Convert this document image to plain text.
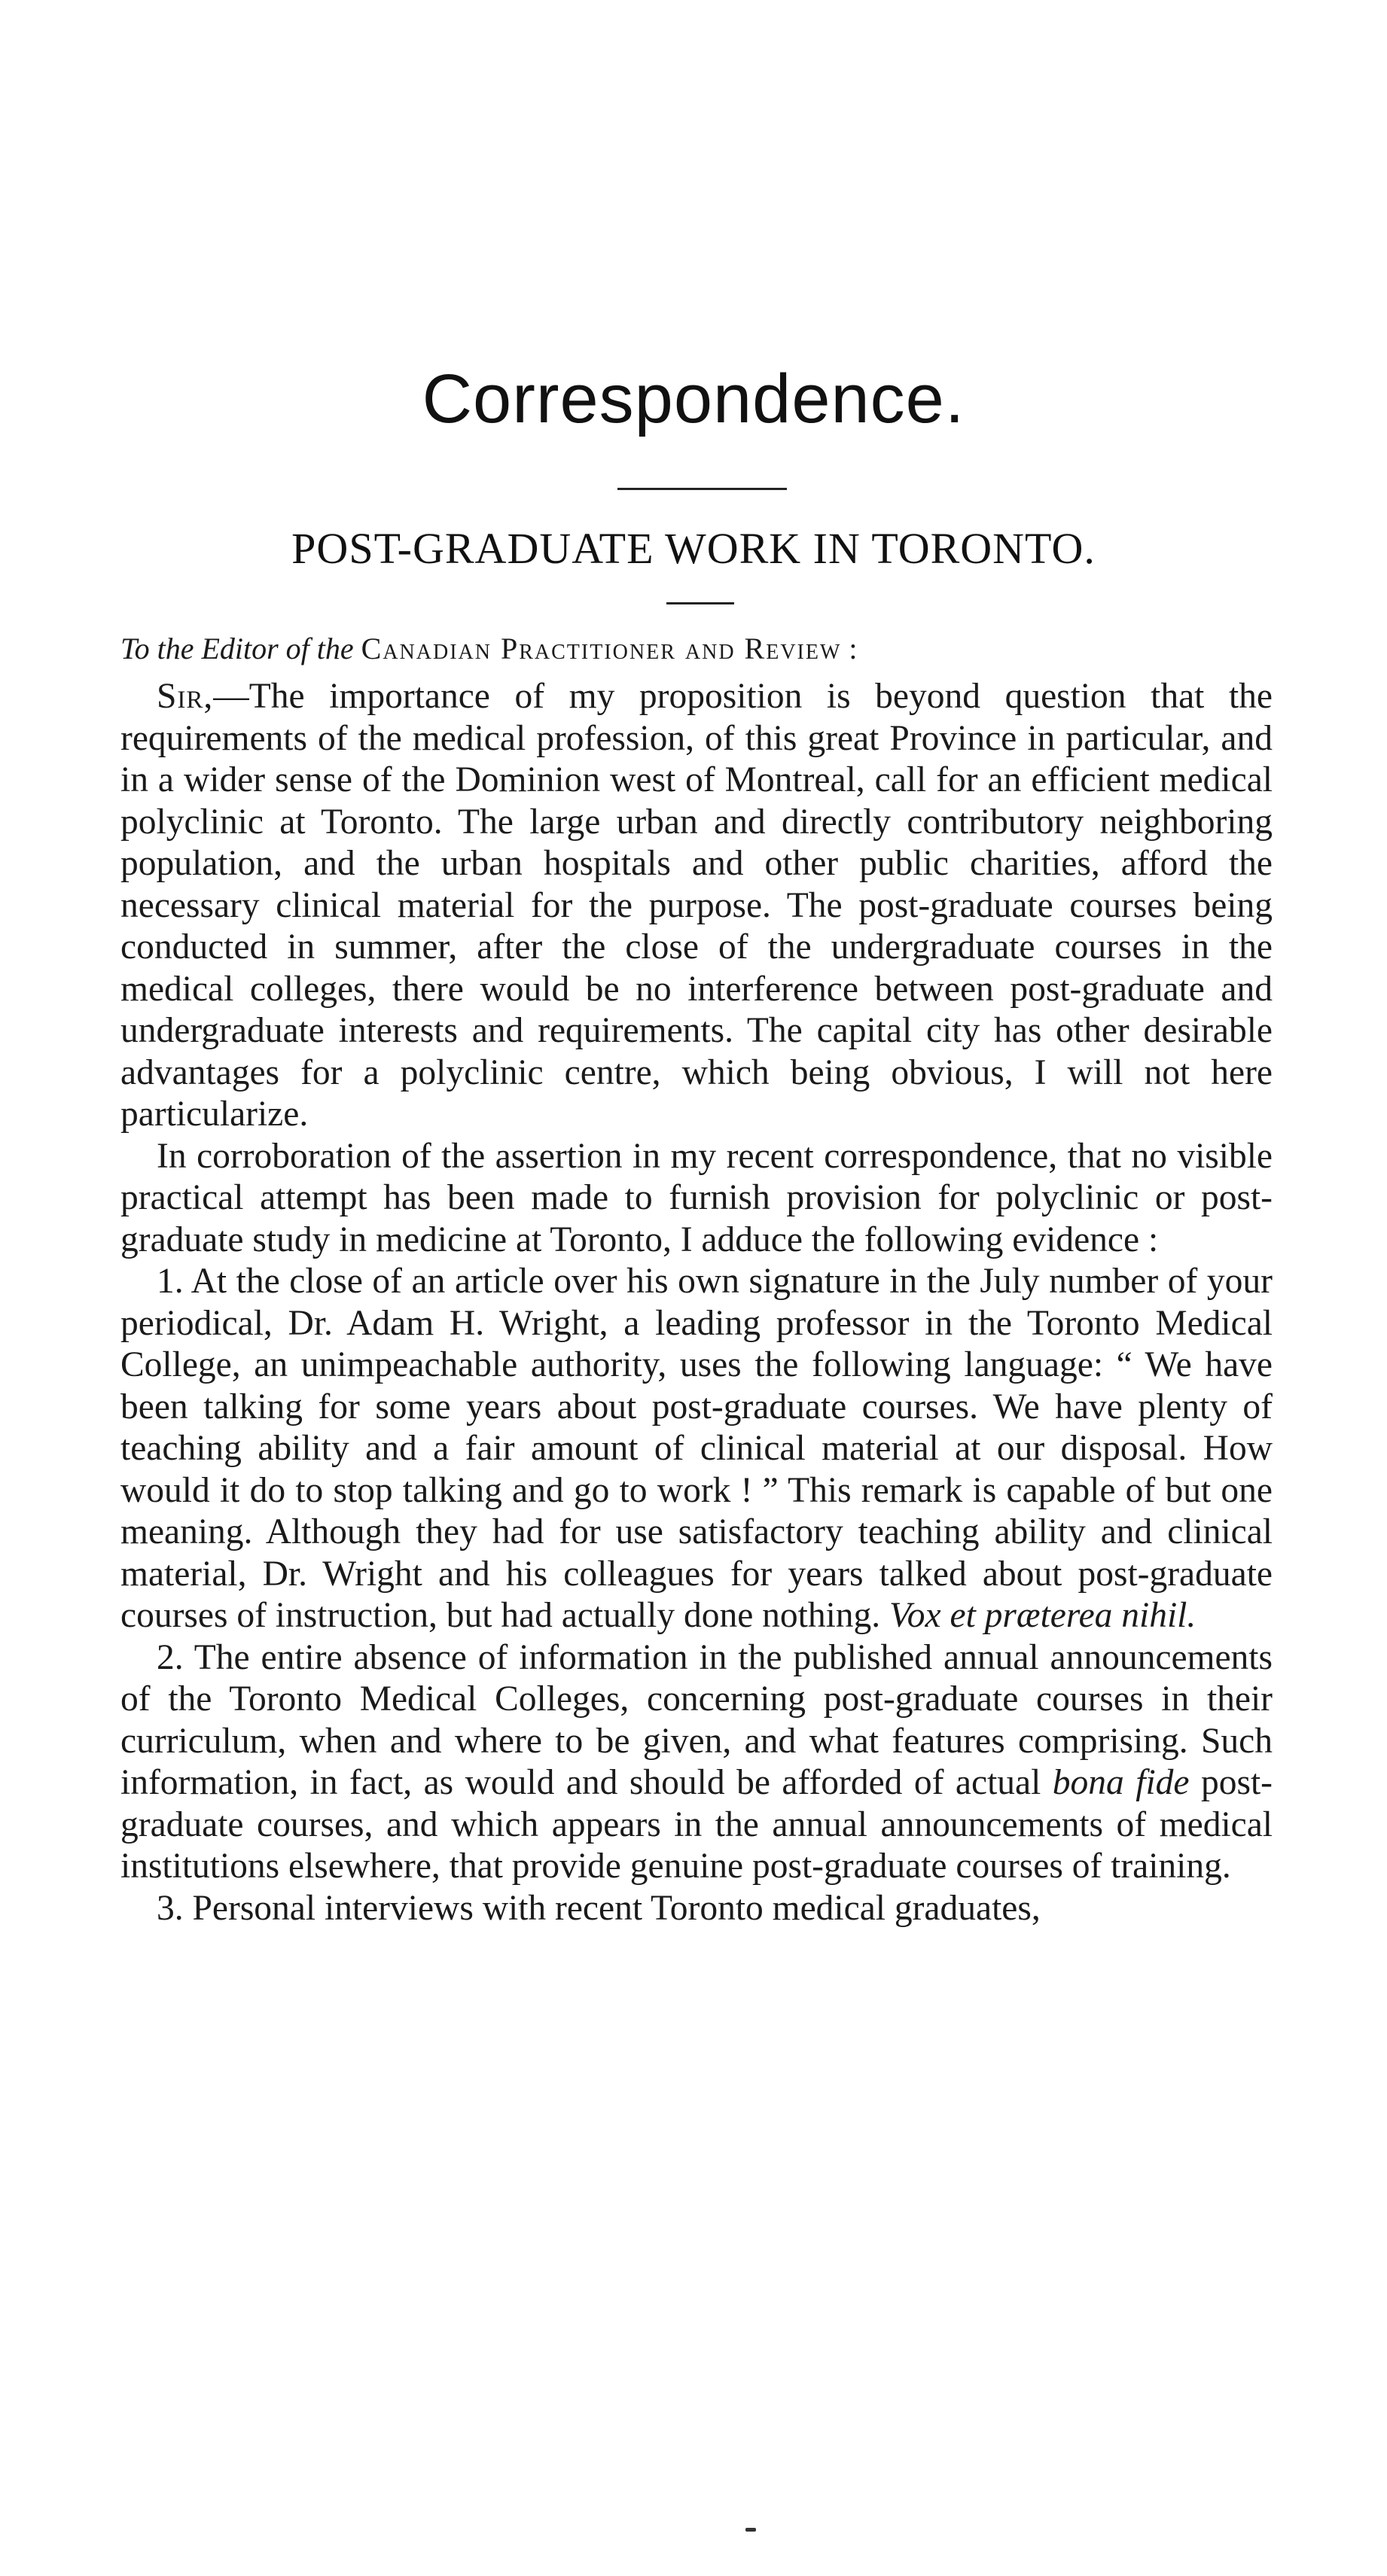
Correspondence.
POST-GRADUATE WORK IN TORONTO.
To the Editor of the Canadian Practitioner and Review :

Sir,—The importance of my proposition is beyond question that the requirements of the medical profession, of this great Province in particular, and in a wider sense of the Dominion west of Montreal, call for an efficient medical polyclinic at Toronto. The large urban and directly contributory neighboring population, and the urban hospitals and other public charities, afford the necessary clinical material for the purpose. The post-graduate courses being conducted in summer, after the close of the undergraduate courses in the medical colleges, there would be no interference between post-graduate and undergraduate interests and requirements. The capital city has other desirable advantages for a polyclinic centre, which being obvious, I will not here particularize.

In corroboration of the assertion in my recent correspondence, that no visible practical attempt has been made to furnish provision for polyclinic or post-graduate study in medicine at Toronto, I adduce the following evidence :

1. At the close of an article over his own signature in the July number of your periodical, Dr. Adam H. Wright, a leading professor in the Toronto Medical College, an unimpeachable authority, uses the following language: “ We have been talking for some years about post-graduate courses. We have plenty of teaching ability and a fair amount of clinical material at our disposal. How would it do to stop talking and go to work ! ” This remark is capable of but one meaning. Although they had for use satisfactory teaching ability and clinical material, Dr. Wright and his colleagues for years talked about post-graduate courses of instruction, but had actually done nothing. Vox et præterea nihil.

2. The entire absence of information in the published annual announcements of the Toronto Medical Colleges, concerning post-graduate courses in their curriculum, when and where to be given, and what features comprising. Such information, in fact, as would and should be afforded of actual bona fide post-graduate courses, and which appears in the annual announcements of medical institutions elsewhere, that provide genuine post-graduate courses of training.

3. Personal interviews with recent Toronto medical graduates,
